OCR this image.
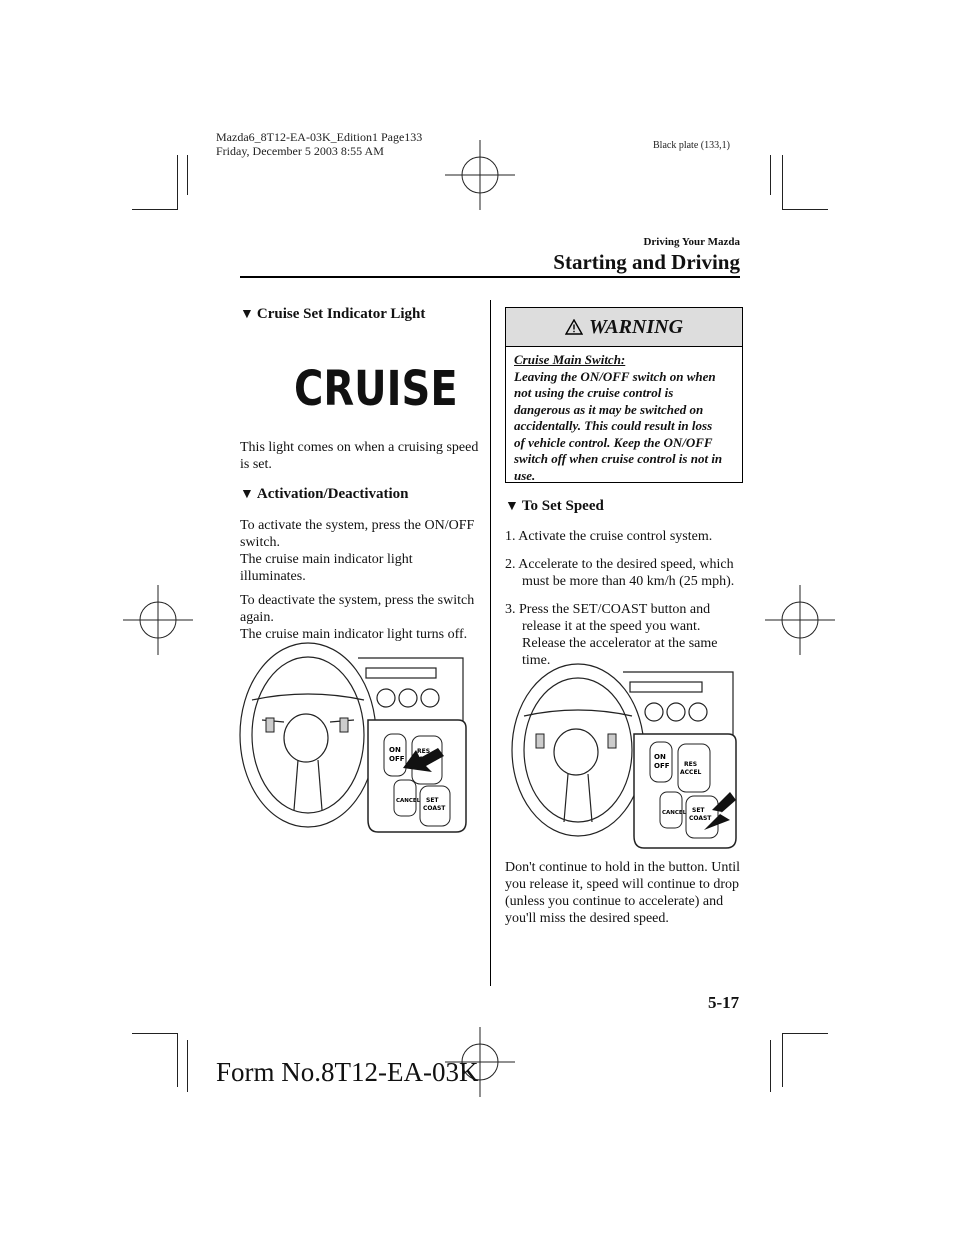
Mazda6_8T12-EA-03K_Edition1 Page133
Friday, December 5 2003 8:55 AM	Black plate (133,1)
Driving Your Mazda
Starting and Driving
▼ Cruise Set Indicator Light
CRUISE

This light comes on when a cruising speed
is set.

▼ Activation/Deactivation

To activate the system, press the ON/OFF
switch.
The cruise main indicator light
illuminates.

To deactivate the system, press the switch
again.
The cruise main indicator light turns off.

ON
OFF
RES
CANCEL SET
COAST
WARNING
Cruise Main Switch:
Leaving the ON/OFF switch on when
not using the cruise control is
dangerous as it may be switched on
accidentally. This could result in loss
of vehicle control. Keep the ON/OFF
switch off when cruise control is not in
use.
▼ To Set Speed
1. Activate the cruise control system.
2. Accelerate to the desired speed, which
must be more than 40 km/h (25 mph).
3. Press the SET/COAST button and
release it at the speed you want.
Release the accelerator at the same
time.
ON
OFF RES
ACCEL
CANCEL SET
COAST

Don't continue to hold in the button. Until
you release it, speed will continue to drop
(unless you continue to accelerate) and
you'll miss the desired speed.

5-17
Form No.8T12-EA-03K
